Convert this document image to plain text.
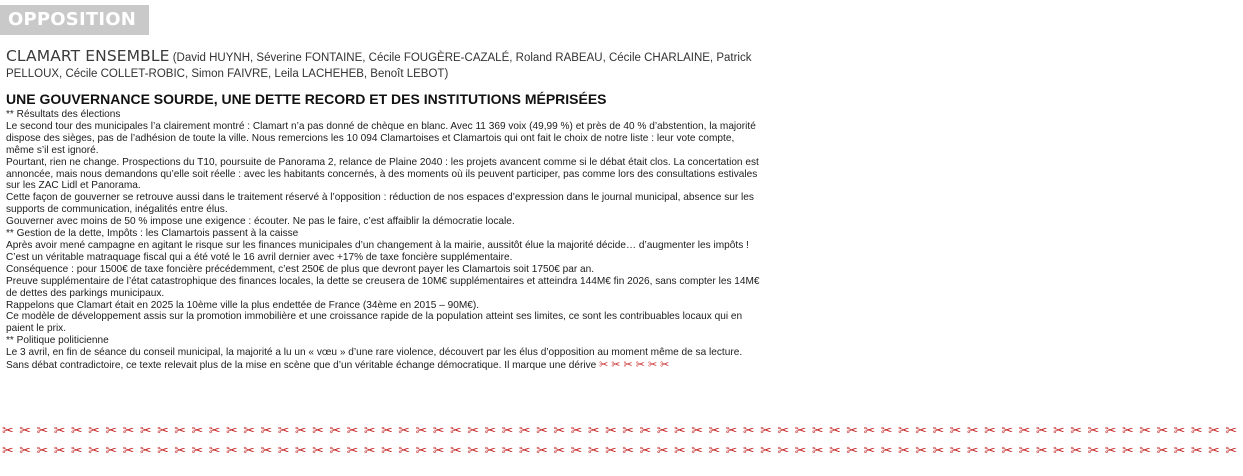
OPPOSITION
CLAMART ENSEMBLE (David HUYNH, Séverine FONTAINE, Cécile FOUGÈRE-CAZALÉ, Roland RABEAU, Cécile CHARLAINE, Patrick PELLOUX, Cécile COLLET-ROBIC, Simon FAIVRE, Leila LACHEHEB, Benoît LEBOT)
UNE GOUVERNANCE SOURDE, UNE DETTE RECORD ET DES INSTITUTIONS MÉPRISÉES

** Résultats des élections

Le second tour des municipales l’a clairement montré : Clamart n’a pas donné de chèque en blanc. Avec 11 369 voix (49,99 %) et près de 40 % d’abstention, la majorité dispose des sièges, pas de l’adhésion de toute la ville. Nous remercions les 10 094 Clamartoises et Clamartois qui ont fait le choix de notre liste : leur vote compte, même s’il est ignoré.

Pourtant, rien ne change. Prospections du T10, poursuite de Panorama 2, relance de Plaine 2040 : les projets avancent comme si le débat était clos. La concertation est annoncée, mais nous demandons qu’elle soit réelle : avec les habitants concernés, à des moments où ils peuvent participer, pas comme lors des consultations estivales sur les ZAC Lidl et Panorama.

Cette façon de gouverner se retrouve aussi dans le traitement réservé à l’opposition : réduction de nos espaces d’expression dans le journal municipal, absence sur les supports de communication, inégalités entre élus.

Gouverner avec moins de 50 % impose une exigence : écouter. Ne pas le faire, c’est affaiblir la démocratie locale.

** Gestion de la dette, Impôts : les Clamartois passent à la caisse

Après avoir mené campagne en agitant le risque sur les finances municipales d’un changement à la mairie, aussitôt élue la majorité décide… d’augmenter les impôts !

C’est un véritable matraquage fiscal qui a été voté le 16 avril dernier avec +17% de taxe foncière supplémentaire.

Conséquence : pour 1500€ de taxe foncière précédemment, c’est 250€ de plus que devront payer les Clamartois soit 1750€ par an.

Preuve supplémentaire de l’état catastrophique des finances locales, la dette se creusera de 10M€ supplémentaires et atteindra 144M€ fin 2026, sans compter les 14M€ de dettes des parkings municipaux.

Rappelons que Clamart était en 2025 la 10ème ville la plus endettée de France (34ème en 2015 – 90M€).

Ce modèle de développement assis sur la promotion immobilière et une croissance rapide de la population atteint ses limites, ce sont les contribuables locaux qui en paient le prix.

** Politique politicienne

Le 3 avril, en fin de séance du conseil municipal, la majorité a lu un « vœu » d’une rare violence, découvert par les élus d’opposition au moment même de sa lecture. Sans débat contradictoire, ce texte relevait plus de la mise en scène que d’un véritable échange démocratique. Il marque une dérive ✂✂✂✂✂✂

✂✂✂✂✂✂✂✂✂✂✂✂✂✂✂✂✂✂✂✂✂✂✂✂✂✂✂✂✂✂✂✂✂✂✂✂✂✂✂✂✂✂✂✂✂✂✂✂✂✂✂✂✂✂✂✂✂✂✂✂✂✂✂✂✂✂✂✂✂✂✂✂
✂✂✂✂✂✂✂✂✂✂✂✂✂✂✂✂✂✂✂✂✂✂✂✂✂✂✂✂✂✂✂✂✂✂✂✂✂✂✂✂✂✂✂✂✂✂✂✂✂✂✂✂✂✂✂✂✂✂✂✂✂✂✂✂✂✂✂✂✂✂✂✂
